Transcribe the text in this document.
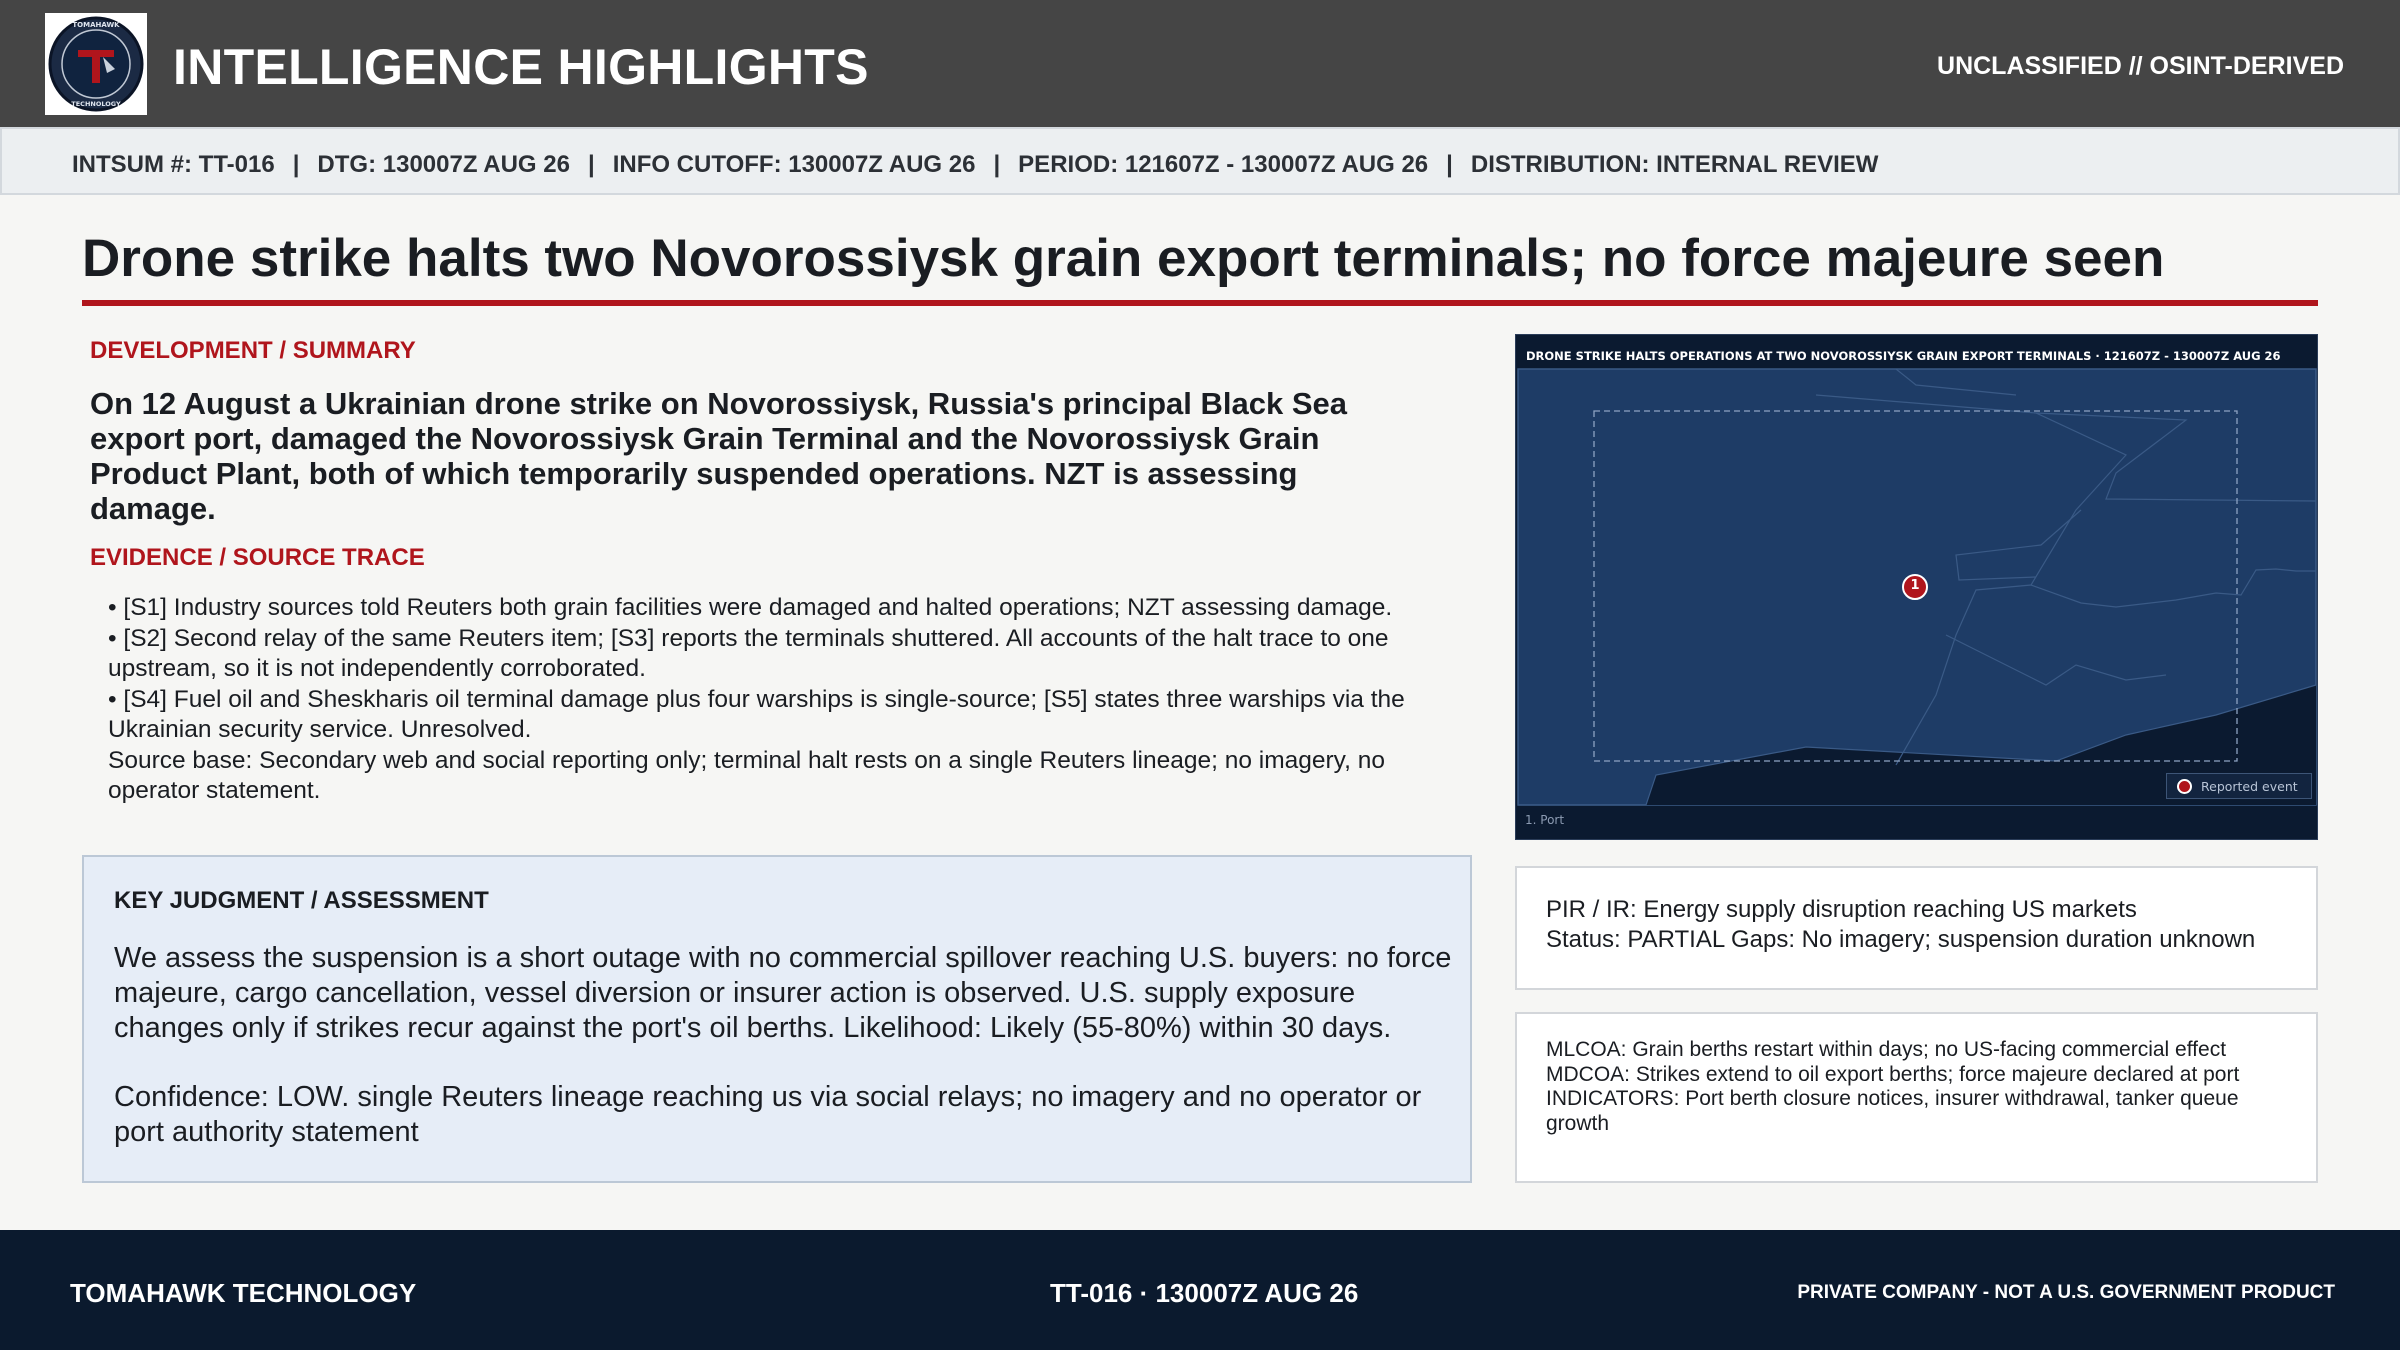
TOMAHAWK
TECHNOLOGY
INTELLIGENCE HIGHLIGHTS	UNCLASSIFIED // OSINT-DERIVED
INTSUM #: TT-016 | DTG: 130007Z AUG 26 | INFO CUTOFF: 130007Z AUG 26 | PERIOD: 121607Z - 130007Z AUG 26 | DISTRIBUTION: INTERNAL REVIEW
Drone strike halts two Novorossiysk grain export terminals; no force majeure seen
DEVELOPMENT / SUMMARY
On 12 August a Ukrainian drone strike on Novorossiysk, Russia's principal Black Sea export port, damaged the Novorossiysk Grain Terminal and the Novorossiysk Grain Product Plant, both of which temporarily suspended operations. NZT is assessing damage.
EVIDENCE / SOURCE TRACE
• [S1] Industry sources told Reuters both grain facilities were damaged and halted operations; NZT assessing damage.
• [S2] Second relay of the same Reuters item; [S3] reports the terminals shuttered. All accounts of the halt trace to one upstream, so it is not independently corroborated.
• [S4] Fuel oil and Sheskharis oil terminal damage plus four warships is single-source; [S5] states three warships via the Ukrainian security service. Unresolved.
Source base: Secondary web and social reporting only; terminal halt rests on a single Reuters lineage; no imagery, no operator statement.
KEY JUDGMENT / ASSESSMENT
We assess the suspension is a short outage with no commercial spillover reaching U.S. buyers: no force majeure, cargo cancellation, vessel diversion or insurer action is observed. U.S. supply exposure changes only if strikes recur against the port's oil berths. Likelihood: Likely (55-80%) within 30 days.
Confidence: LOW. single Reuters lineage reaching us via social relays; no imagery and no operator or port authority statement
1
DRONE STRIKE HALTS OPERATIONS AT TWO NOVOROSSIYSK GRAIN EXPORT TERMINALS · 121607Z - 130007Z AUG 26
Reported event
1. Port
PIR / IR: Energy supply disruption reaching US markets
Status: PARTIAL Gaps: No imagery; suspension duration unknown
MLCOA: Grain berths restart within days; no US-facing commercial effect
MDCOA: Strikes extend to oil export berths; force majeure declared at port
INDICATORS: Port berth closure notices, insurer withdrawal, tanker queue growth
TOMAHAWK TECHNOLOGY	TT-016 · 130007Z AUG 26	PRIVATE COMPANY - NOT A U.S. GOVERNMENT PRODUCT
